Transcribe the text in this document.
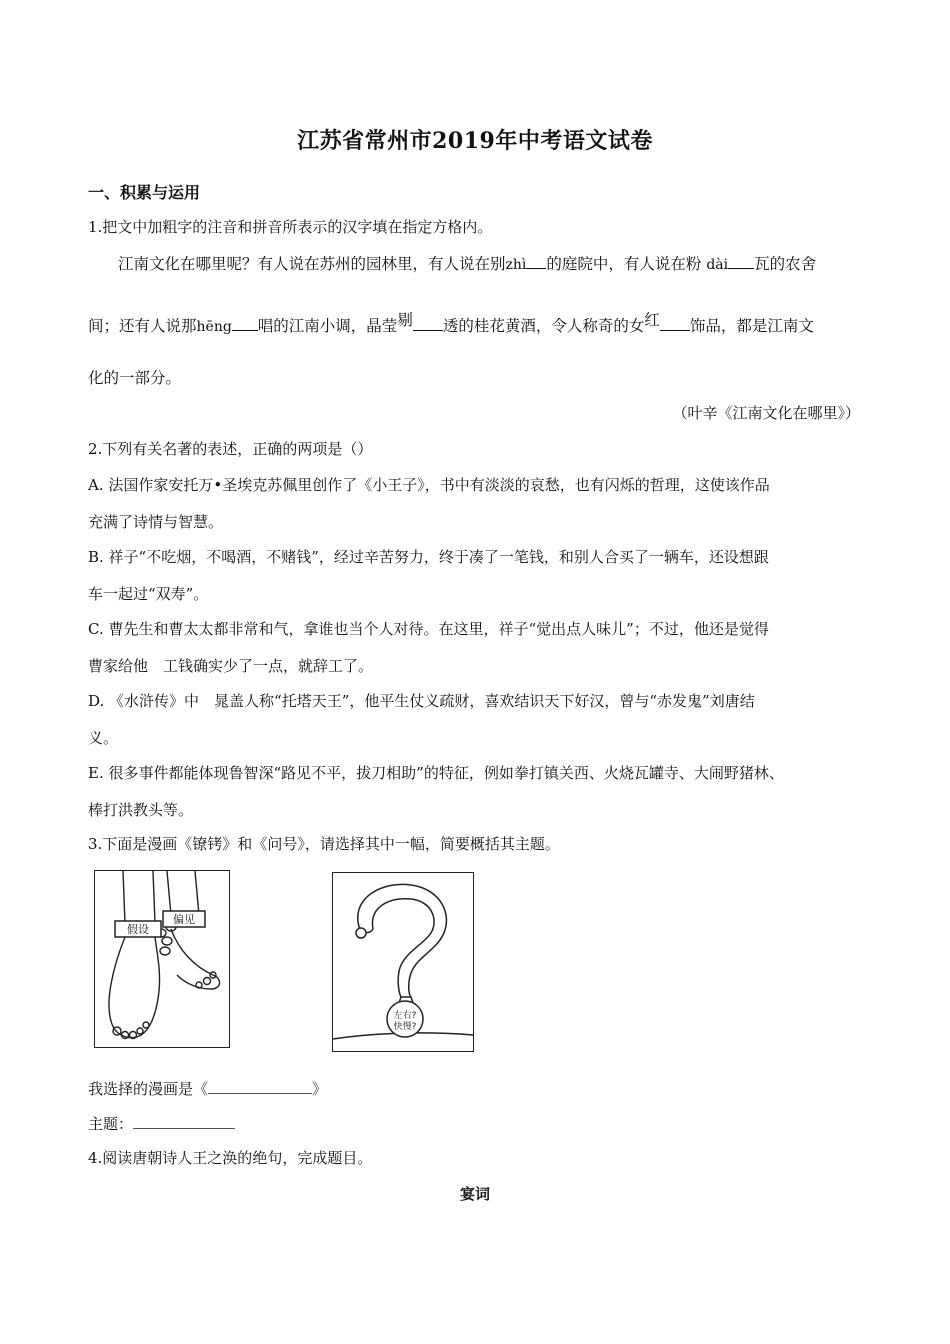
江苏省常州市2019年中考语文试卷
一、积累与运用
1.把文中加粗字的注音和拼音所表示的汉字填在指定方格内。
江南文化在哪里呢？有人说在苏州的园林里，有人说在别zhì 的庭院中，有人说在粉 dài 瓦的农舍
间；还有人说那hēng 唱的江南小调，晶莹剔 透的桂花黄酒，令人称奇的女红 饰品，都是江南文
化的一部分。
（叶辛《江南文化在哪里》）
2.下列有关名著的表述，正确的两项是（）
A. 法国作家安托万•圣埃克苏佩里创作了《小王子》，书中有淡淡的哀愁，也有闪烁的哲理，这使该作品
充满了诗情与智慧。
B. 祥子“不吃烟，不喝酒，不赌钱”，经过辛苦努力，终于凑了一笔钱，和别人合买了一辆车，还设想跟
车一起过“双寿”。
C. 曹先生和曹太太都非常和气，拿谁也当个人对待。在这里，祥子“觉出点人味儿”；不过，他还是觉得
曹家给他　工钱确实少了一点，就辞工了。
D. 《水浒传》中　晁盖人称“托塔天王”，他平生仗义疏财，喜欢结识天下好汉，曾与“赤发鬼”刘唐结
义。
E. 很多事件都能体现鲁智深“路见不平，拔刀相助”的特征，例如拳打镇关西、火烧瓦罐寺、大闹野猪林、
棒打洪教头等。
3.下面是漫画《镣铐》和《问号》，请选择其中一幅，简要概括其主题。
假设
偏见
左右?
快慢?
我选择的漫画是《	》
主题：
4.阅读唐朝诗人王之涣的绝句，完成题目。
宴词
